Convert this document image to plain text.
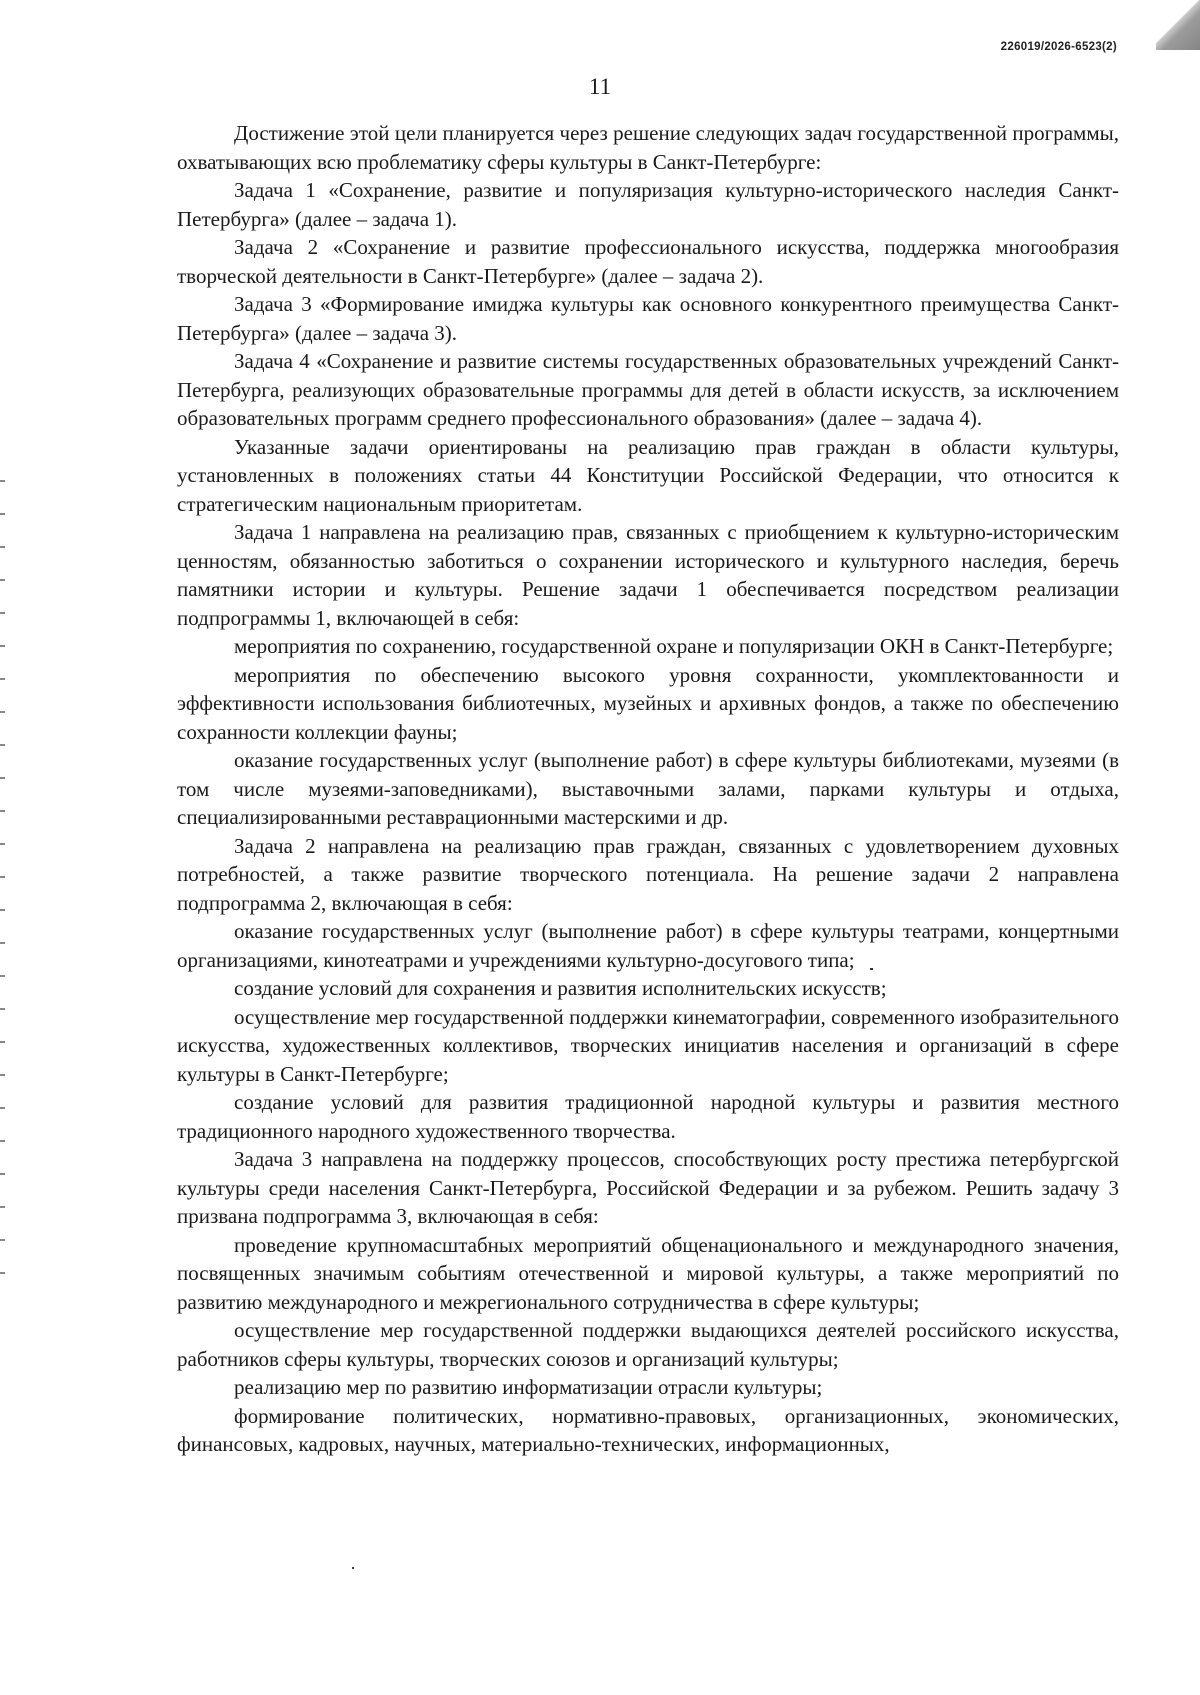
226019/2026-6523(2)
11

Достижение этой цели планируется через решение следующих задач государственной программы, охватывающих всю проблематику сферы культуры в Санкт-Петербурге:

Задача 1 «Сохранение, развитие и популяризация культурно-исторического наследия Санкт-Петербурга» (далее – задача 1).

Задача 2 «Сохранение и развитие профессионального искусства, поддержка многообразия творческой деятельности в Санкт-Петербурге» (далее – задача 2).

Задача 3 «Формирование имиджа культуры как основного конкурентного преимущества Санкт-Петербурга» (далее – задача 3).

Задача 4 «Сохранение и развитие системы государственных образовательных учреждений Санкт-Петербурга, реализующих образовательные программы для детей в области искусств, за исключением образовательных программ среднего профессионального образования» (далее – задача 4).

Указанные задачи ориентированы на реализацию прав граждан в области культуры, установленных в положениях статьи 44 Конституции Российской Федерации, что относится к стратегическим национальным приоритетам.

Задача 1 направлена на реализацию прав, связанных с приобщением к культурно-историческим ценностям, обязанностью заботиться о сохранении исторического и культурного наследия, беречь памятники истории и культуры. Решение задачи 1 обеспечивается посредством реализации подпрограммы 1, включающей в себя:

мероприятия по сохранению, государственной охране и популяризации ОКН в Санкт-Петербурге;

мероприятия по обеспечению высокого уровня сохранности, укомплектованности и эффективности использования библиотечных, музейных и архивных фондов, а также по обеспечению сохранности коллекции фауны;

оказание государственных услуг (выполнение работ) в сфере культуры библиотеками, музеями (в том числе музеями-заповедниками), выставочными залами, парками культуры и отдыха, специализированными реставрационными мастерскими и др.

Задача 2 направлена на реализацию прав граждан, связанных с удовлетворением духовных потребностей, а также развитие творческого потенциала. На решение задачи 2 направлена подпрограмма 2, включающая в себя:

оказание государственных услуг (выполнение работ) в сфере культуры театрами, концертными организациями, кинотеатрами и учреждениями культурно-досугового типа;

создание условий для сохранения и развития исполнительских искусств;

осуществление мер государственной поддержки кинематографии, современного изобразительного искусства, художественных коллективов, творческих инициатив населения и организаций в сфере культуры в Санкт-Петербурге;

создание условий для развития традиционной народной культуры и развития местного традиционного народного художественного творчества.

Задача 3 направлена на поддержку процессов, способствующих росту престижа петербургской культуры среди населения Санкт-Петербурга, Российской Федерации и за рубежом. Решить задачу 3 призвана подпрограмма 3, включающая в себя:

проведение крупномасштабных мероприятий общенационального и международного значения, посвященных значимым событиям отечественной и мировой культуры, а также мероприятий по развитию международного и межрегионального сотрудничества в сфере культуры;

осуществление мер государственной поддержки выдающихся деятелей российского искусства, работников сферы культуры, творческих союзов и организаций культуры;

реализацию мер по развитию информатизации отрасли культуры;

формирование политических, нормативно-правовых, организационных, экономических, финансовых, кадровых, научных, материально-технических, информационных,
